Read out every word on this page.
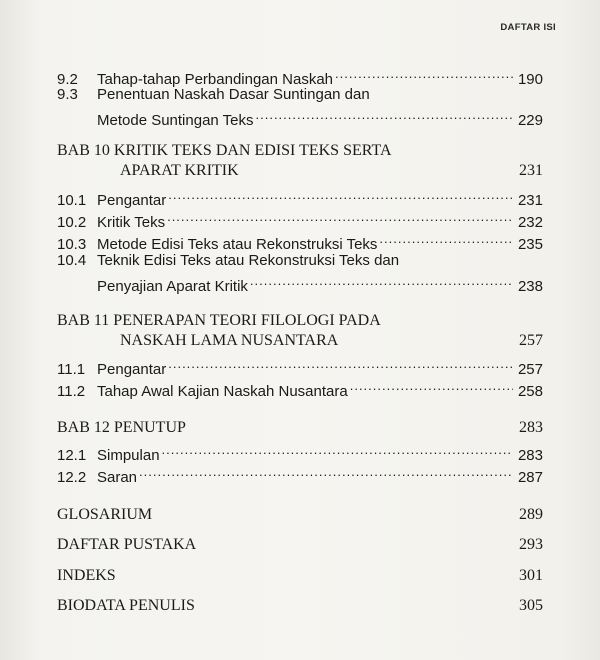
DAFTAR ISI
9.2	Tahap-tahap Perbandingan Naskah .....	190
9.3	Penentuan Naskah Dasar Suntingan dan
Metode Suntingan Teks .....	229
BAB 10 KRITIK TEKS DAN EDISI TEKS SERTA
APARAT KRITIK	231
10.1 Pengantar .....	231
10.2 Kritik Teks .....	232
10.3 Metode Edisi Teks atau Rekonstruksi Teks .....	235
10.4 Teknik Edisi Teks atau Rekonstruksi Teks dan
Penyajian Aparat Kritik .....	238
BAB 11 PENERAPAN TEORI FILOLOGI PADA
NASKAH LAMA NUSANTARA	257
11.1 Pengantar .....	257
11.2 Tahap Awal Kajian Naskah Nusantara .....	258
BAB 12 PENUTUP	283
12.1 Simpulan .....	283
12.2 Saran .....	287
GLOSARIUM	289
DAFTAR PUSTAKA	293
INDEKS	301
BIODATA PENULIS	305
